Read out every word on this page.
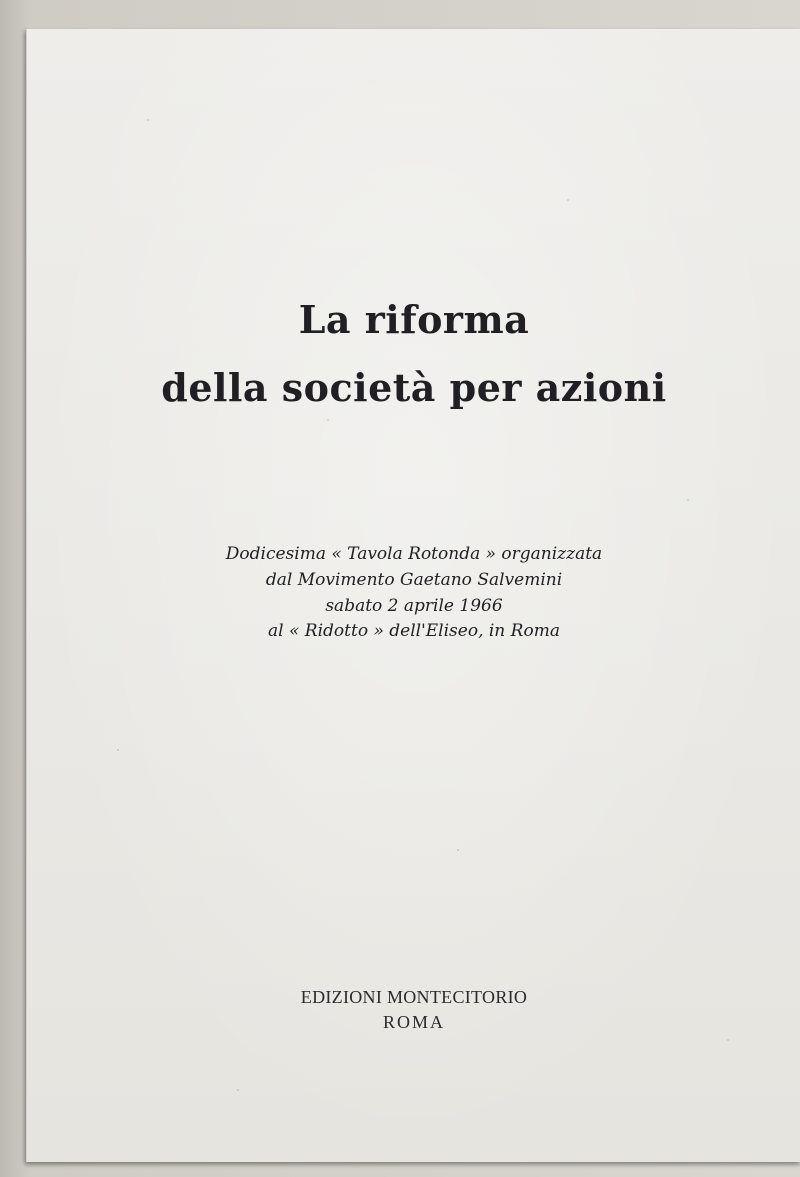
La riforma
della società per azioni
Dodicesima « Tavola Rotonda » organizzata
dal Movimento Gaetano Salvemini
sabato 2 aprile 1966
al « Ridotto » dell'Eliseo, in Roma
EDIZIONI MONTECITORIO
ROMA
